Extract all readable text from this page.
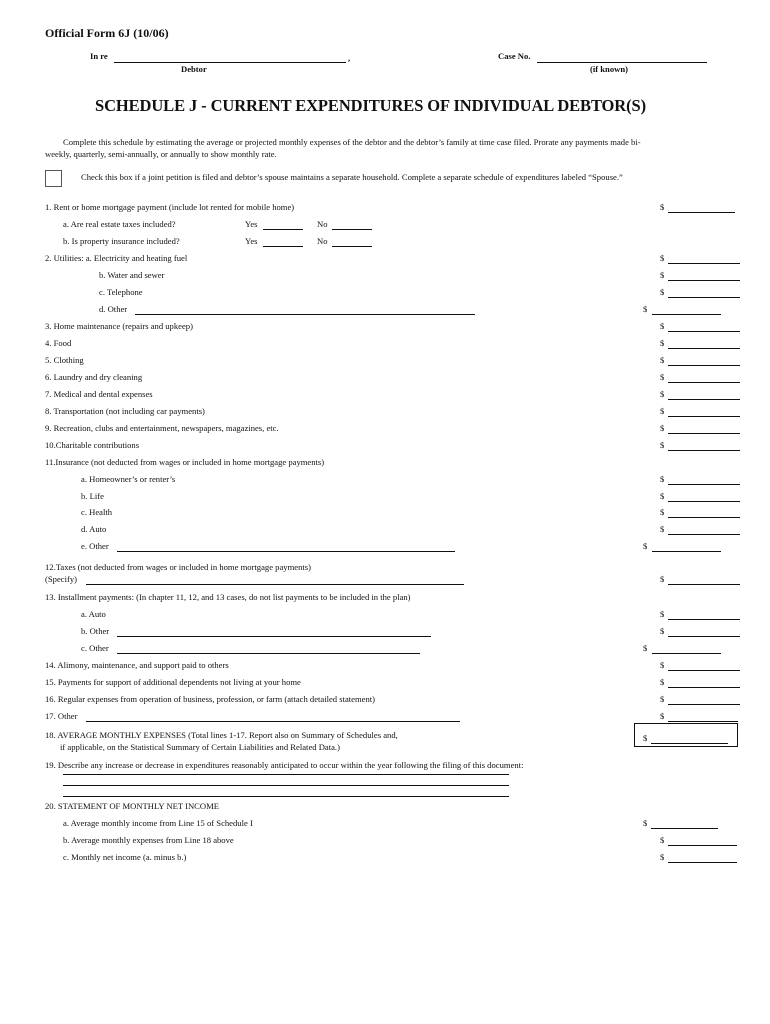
Official Form 6J (10/06)
In re	,
Debtor
Case No.
(if known)
SCHEDULE J - CURRENT EXPENDITURES OF INDIVIDUAL DEBTOR(S)
Complete this schedule by estimating the average or projected monthly expenses of the debtor and the debtor’s family at time case filed. Prorate any payments made bi-
weekly, quarterly, semi-annually, or annually to show monthly rate.
Check this box if a joint petition is filed and debtor’s spouse maintains a separate household. Complete a separate schedule of expenditures labeled “Spouse.”
1. Rent or home mortgage payment (include lot rented for mobile home)	$
a. Are real estate taxes included?	Yes	No
b. Is property insurance included?	Yes	No
2. Utilities: a. Electricity and heating fuel	$
b. Water and sewer	$
c. Telephone	$
d. Other	$
3. Home maintenance (repairs and upkeep)	$
4. Food	$
5. Clothing	$
6. Laundry and dry cleaning	$
7. Medical and dental expenses	$
8. Transportation (not including car payments)	$
9. Recreation, clubs and entertainment, newspapers, magazines, etc.	$
10.Charitable contributions	$
11.Insurance (not deducted from wages or included in home mortgage payments)
a. Homeowner’s or renter’s	$
b. Life	$
c. Health	$
d. Auto	$
e. Other	$
12.Taxes (not deducted from wages or included in home mortgage payments)
(Specify)	$
13. Installment payments: (In chapter 11, 12, and 13 cases, do not list payments to be included in the plan)
a. Auto	$
b. Other	$
c. Other	$
14. Alimony, maintenance, and support paid to others	$
15. Payments for support of additional dependents not living at your home	$
16. Regular expenses from operation of business, profession, or farm (attach detailed statement)	$
17. Other	$
18. AVERAGE MONTHLY EXPENSES (Total lines 1-17. Report also on Summary of Schedules and,
if applicable, on the Statistical Summary of Certain Liabilities and Related Data.)
$
19. Describe any increase or decrease in expenditures reasonably anticipated to occur within the year following the filing of this document:
20. STATEMENT OF MONTHLY NET INCOME
a. Average monthly income from Line 15 of Schedule I	$
b. Average monthly expenses from Line 18 above	$
c. Monthly net income (a. minus b.)	$
